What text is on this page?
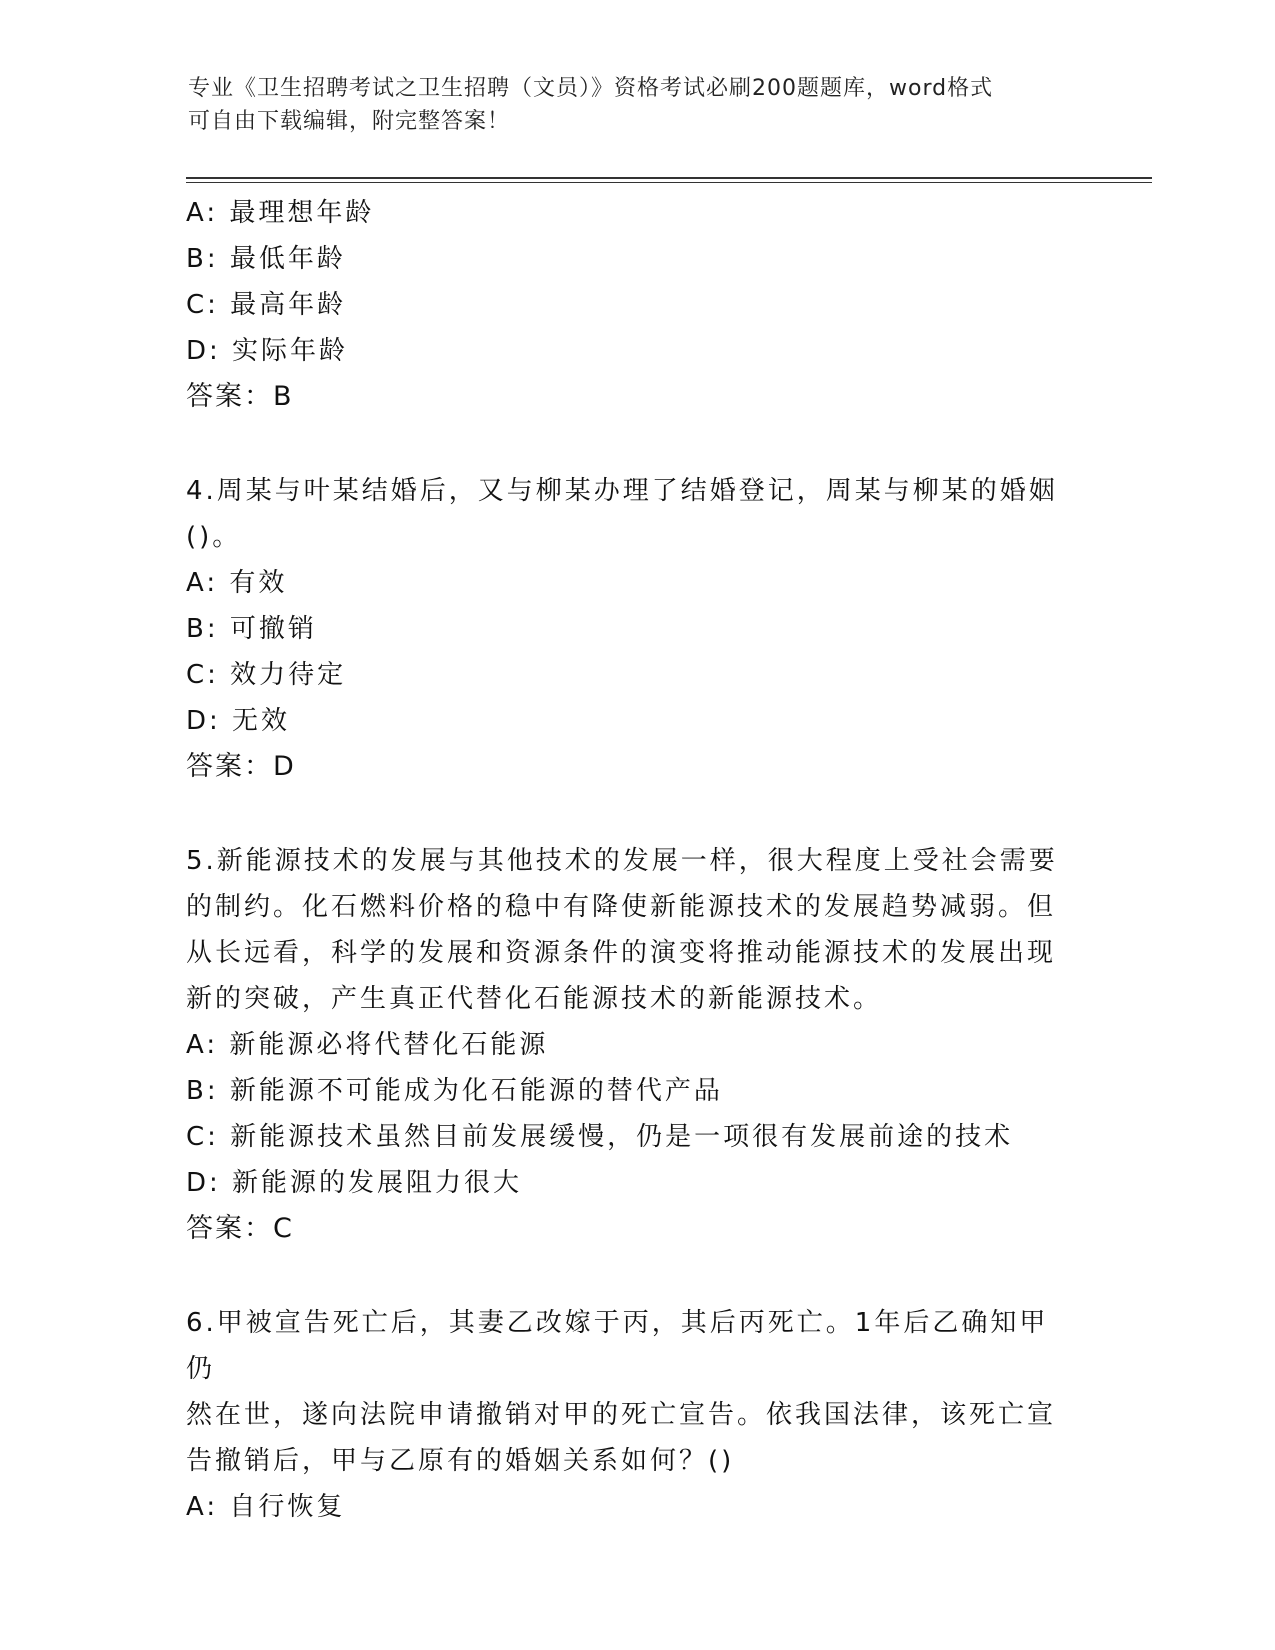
专业《卫生招聘考试之卫生招聘（文员）》资格考试必刷200题题库，word格式
可自由下载编辑，附完整答案！

A: 最理想年龄

B: 最低年龄

C: 最高年龄

D: 实际年龄

答案：B

4.周某与叶某结婚后，又与柳某办理了结婚登记，周某与柳某的婚姻

()。

A: 有效

B: 可撤销

C: 效力待定

D: 无效

答案：D

5.新能源技术的发展与其他技术的发展一样，很大程度上受社会需要

的制约。化石燃料价格的稳中有降使新能源技术的发展趋势减弱。但

从长远看，科学的发展和资源条件的演变将推动能源技术的发展出现

新的突破，产生真正代替化石能源技术的新能源技术。

A: 新能源必将代替化石能源

B: 新能源不可能成为化石能源的替代产品

C: 新能源技术虽然目前发展缓慢，仍是一项很有发展前途的技术

D: 新能源的发展阻力很大

答案：C

6.甲被宣告死亡后，其妻乙改嫁于丙，其后丙死亡。1年后乙确知甲仍

然在世，遂向法院申请撤销对甲的死亡宣告。依我国法律，该死亡宣

告撤销后，甲与乙原有的婚姻关系如何？()

A: 自行恢复
